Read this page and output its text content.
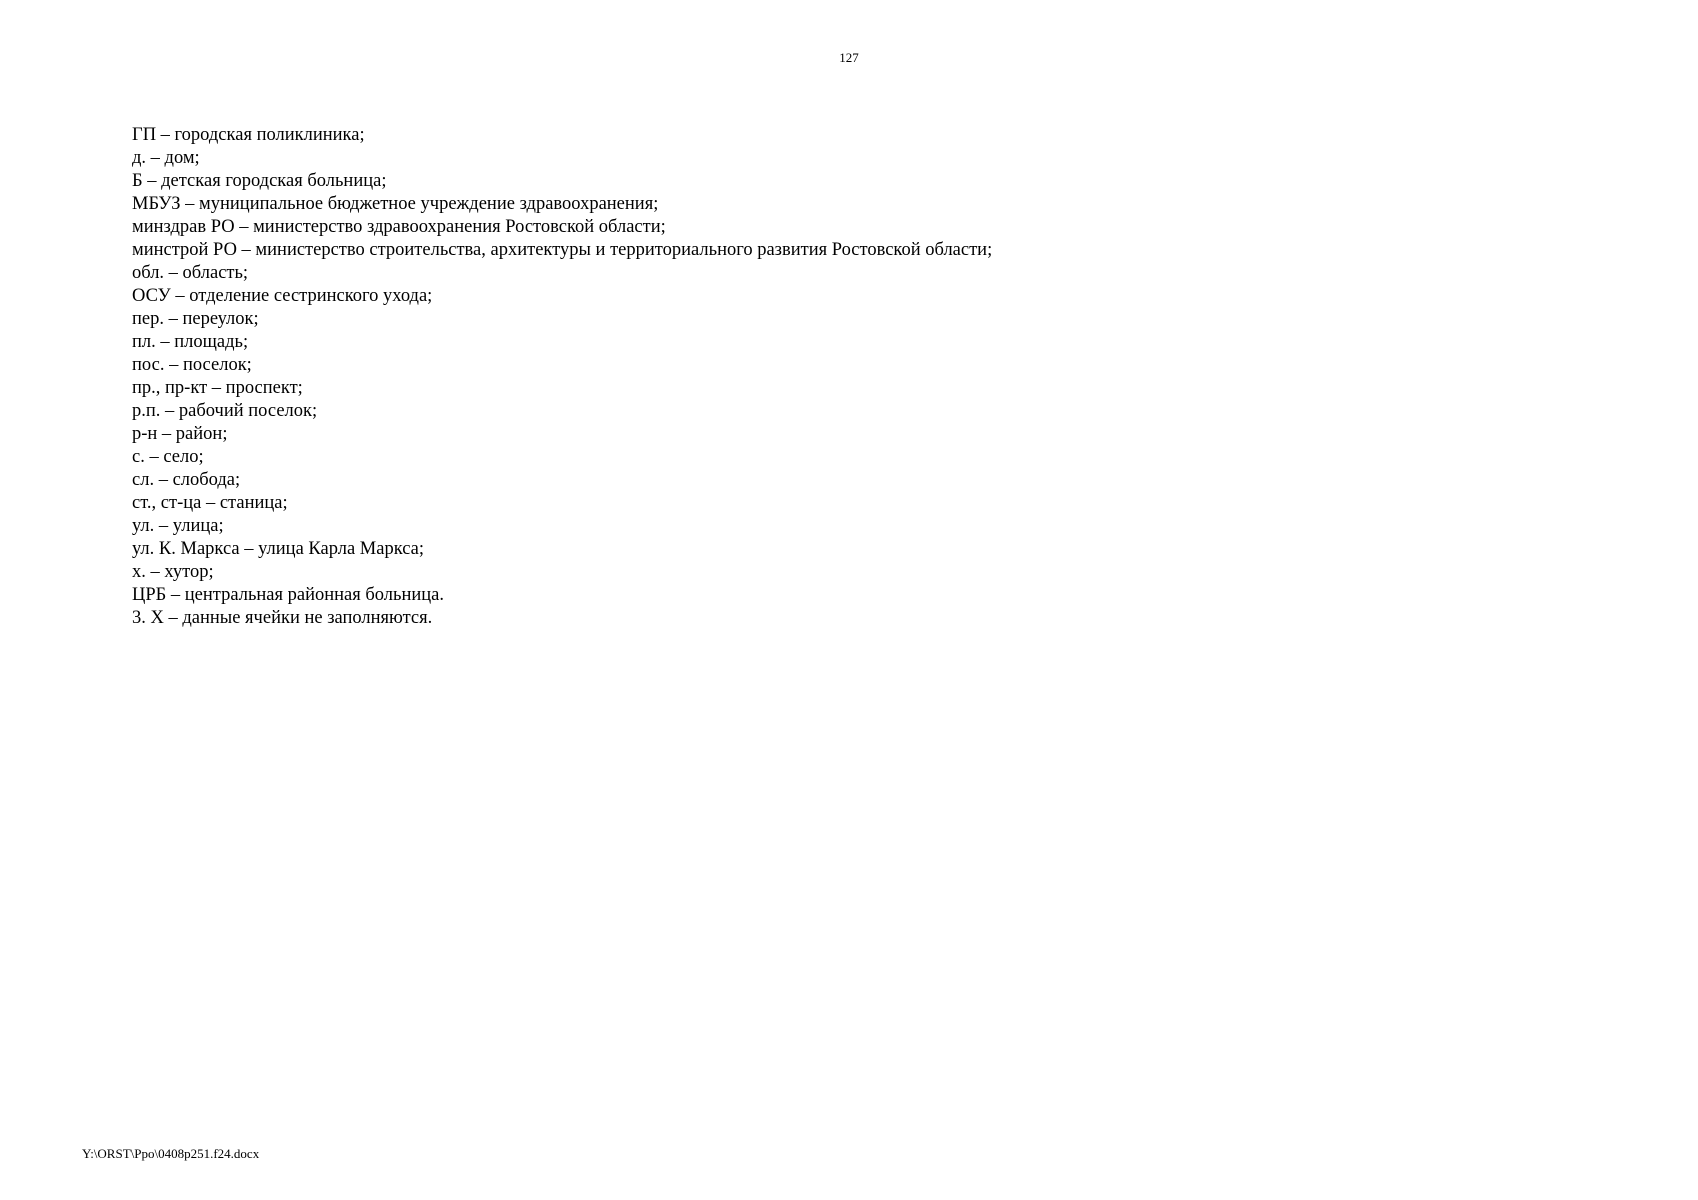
127
ГП – городская поликлиника;
д. – дом;
Б – детская городская больница;
МБУЗ – муниципальное бюджетное учреждение здравоохранения;
минздрав РО – министерство здравоохранения Ростовской области;
минстрой РО – министерство строительства, архитектуры и территориального развития Ростовской области;
обл. – область;
ОСУ – отделение сестринского ухода;
пер. – переулок;
пл. – площадь;
пос. – поселок;
пр., пр-кт – проспект;
р.п. – рабочий поселок;
р-н – район;
с. – село;
сл. – слобода;
ст., ст-ца – станица;
ул. – улица;
ул. К. Маркса – улица Карла Маркса;
х. – хутор;
ЦРБ – центральная районная больница.
3. Х – данные ячейки не заполняются.
Y:\ORST\Ppo\0408p251.f24.docx
